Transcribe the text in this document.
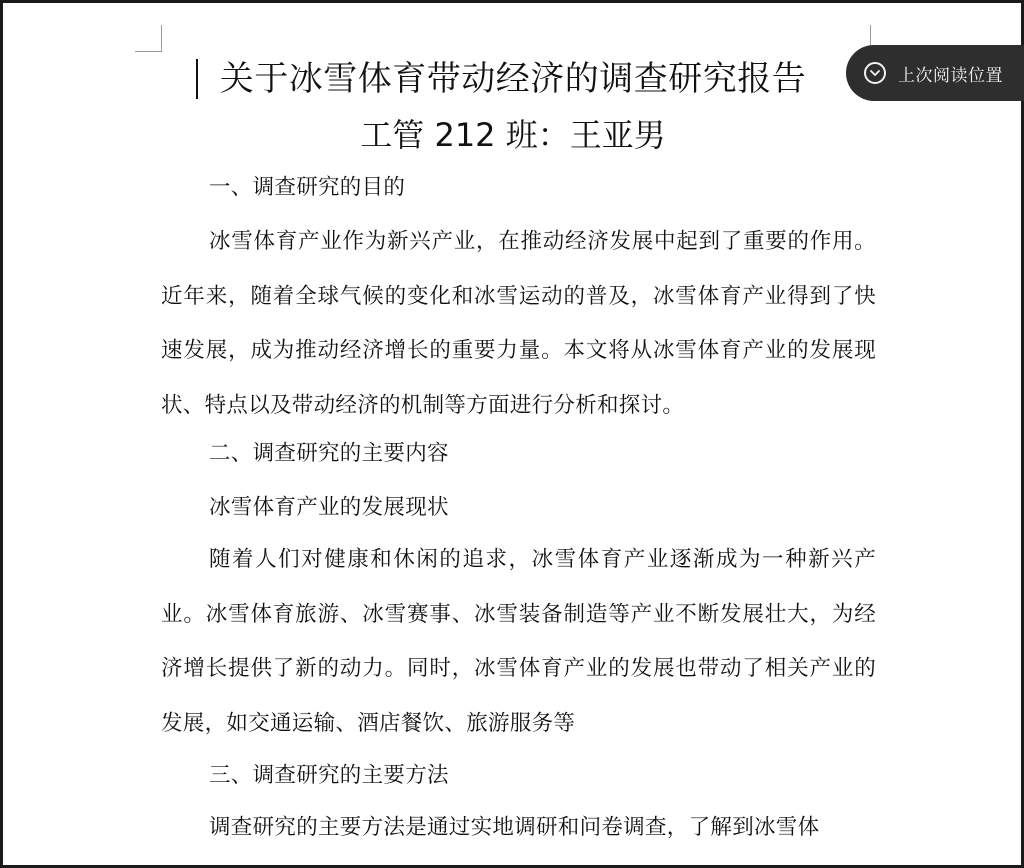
关于冰雪体育带动经济的调查研究报告
工管 212 班：王亚男
一、调查研究的目的
冰雪体育产业作为新兴产业，在推动经济发展中起到了重要的作用。近年来，随着全球气候的变化和冰雪运动的普及，冰雪体育产业得到了快速发展，成为推动经济增长的重要力量。本文将从冰雪体育产业的发展现状、特点以及带动经济的机制等方面进行分析和探讨。
二、调查研究的主要内容
冰雪体育产业的发展现状
随着人们对健康和休闲的追求，冰雪体育产业逐渐成为一种新兴产业。冰雪体育旅游、冰雪赛事、冰雪装备制造等产业不断发展壮大，为经济增长提供了新的动力。同时，冰雪体育产业的发展也带动了相关产业的发展，如交通运输、酒店餐饮、旅游服务等
三、调查研究的主要方法
调查研究的主要方法是通过实地调研和问卷调查，了解到冰雪体
上次阅读位置
